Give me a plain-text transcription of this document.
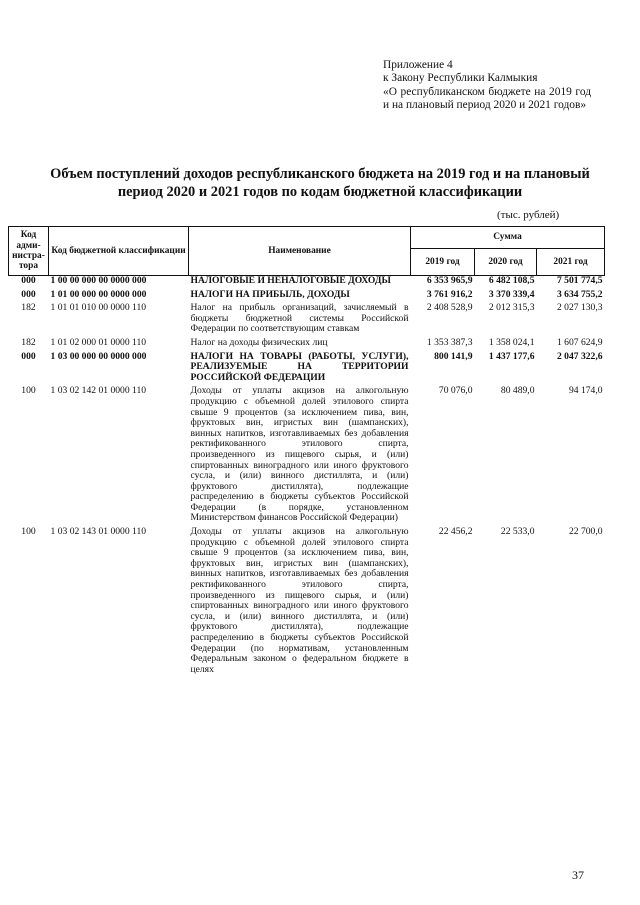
Приложение 4
к Закону Республики Калмыкия
«О республиканском бюджете на 2019 год и на плановый период 2020 и 2021 годов»
Объем поступлений доходов республиканского бюджета на 2019 год и на плановый период 2020 и 2021 годов по кодам бюджетной классификации
(тыс. рублей)
Код адми-нистра-тора	Код бюджетной классификации	Наименование	Сумма		
			2019 год	2020 год	2021 год
000	1 00 00 000 00 0000 000	НАЛОГОВЫЕ И НЕНАЛОГОВЫЕ ДОХОДЫ	6 353 965,9	6 482 108,5	7 501 774,5
000	1 01 00 000 00 0000 000	НАЛОГИ НА ПРИБЫЛЬ, ДОХОДЫ	3 761 916,2	3 370 339,4	3 634 755,2
182	1 01 01 010 00 0000 110	Налог на прибыль организаций, зачисляемый в бюджеты бюджетной системы Российской Федерации по соответствующим ставкам	2 408 528,9	2 012 315,3	2 027 130,3
182	1 01 02 000 01 0000 110	Налог на доходы физических лиц	1 353 387,3	1 358 024,1	1 607 624,9
000	1 03 00 000 00 0000 000	НАЛОГИ НА ТОВАРЫ (РАБОТЫ, УСЛУГИ), РЕАЛИЗУЕМЫЕ НА ТЕРРИТОРИИ РОССИЙСКОЙ ФЕДЕРАЦИИ	800 141,9	1 437 177,6	2 047 322,6
100	1 03 02 142 01 0000 110	Доходы от уплаты акцизов на алкогольную продукцию с объемной долей этилового спирта свыше 9 процентов (за исключением пива, вин, фруктовых вин, игристых вин (шампанских), винных напитков, изготавливаемых без добавления ректификованного этилового спирта, произведенного из пищевого сырья, и (или) спиртованных виноградного или иного фруктового сусла, и (или) винного дистиллята, и (или) фруктового дистиллята), подлежащие распределению в бюджеты субъектов Российской Федерации (в порядке, установленном Министерством финансов Российской Федерации)	70 076,0	80 489,0	94 174,0
100	1 03 02 143 01 0000 110	Доходы от уплаты акцизов на алкогольную продукцию с объемной долей этилового спирта свыше 9 процентов (за исключением пива, вин, фруктовых вин, игристых вин (шампанских), винных напитков, изготавливаемых без добавления ректификованного этилового спирта, произведенного из пищевого сырья, и (или) спиртованных виноградного или иного фруктового сусла, и (или) винного дистиллята, и (или) фруктового дистиллята), подлежащие распределению в бюджеты субъектов Российской Федерации (по нормативам, установленным Федеральным законом о федеральном бюджете в целях	22 456,2	22 533,0	22 700,0
37
